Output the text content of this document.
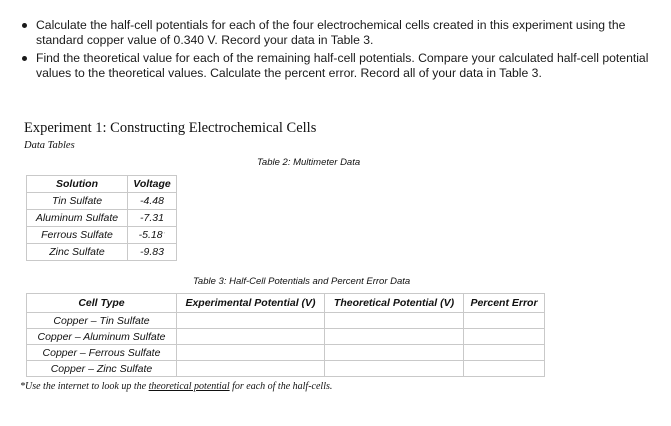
Calculate the half-cell potentials for each of the four electrochemical cells created in this experiment using the standard copper value of 0.340 V. Record your data in Table 3.
Find the theoretical value for each of the remaining half-cell potentials. Compare your calculated half-cell potential values to the theoretical values. Calculate the percent error. Record all of your data in Table 3.
Experiment 1: Constructing Electrochemical Cells
Data Tables
Table 2: Multimeter Data
Solution	Voltage
Tin Sulfate	-4.48
Aluminum Sulfate	-7.31
Ferrous Sulfate	-5.18’
Zinc Sulfate	-9.83
Table 3: Half-Cell Potentials and Percent Error Data
Cell Type	Experimental Potential (V)	Theoretical Potential (V)	Percent Error
Copper – Tin Sulfate			
Copper – Aluminum Sulfate			
Copper – Ferrous Sulfate			
Copper – Zinc Sulfate			
*Use the internet to look up the theoretical potential for each of the half-cells.
